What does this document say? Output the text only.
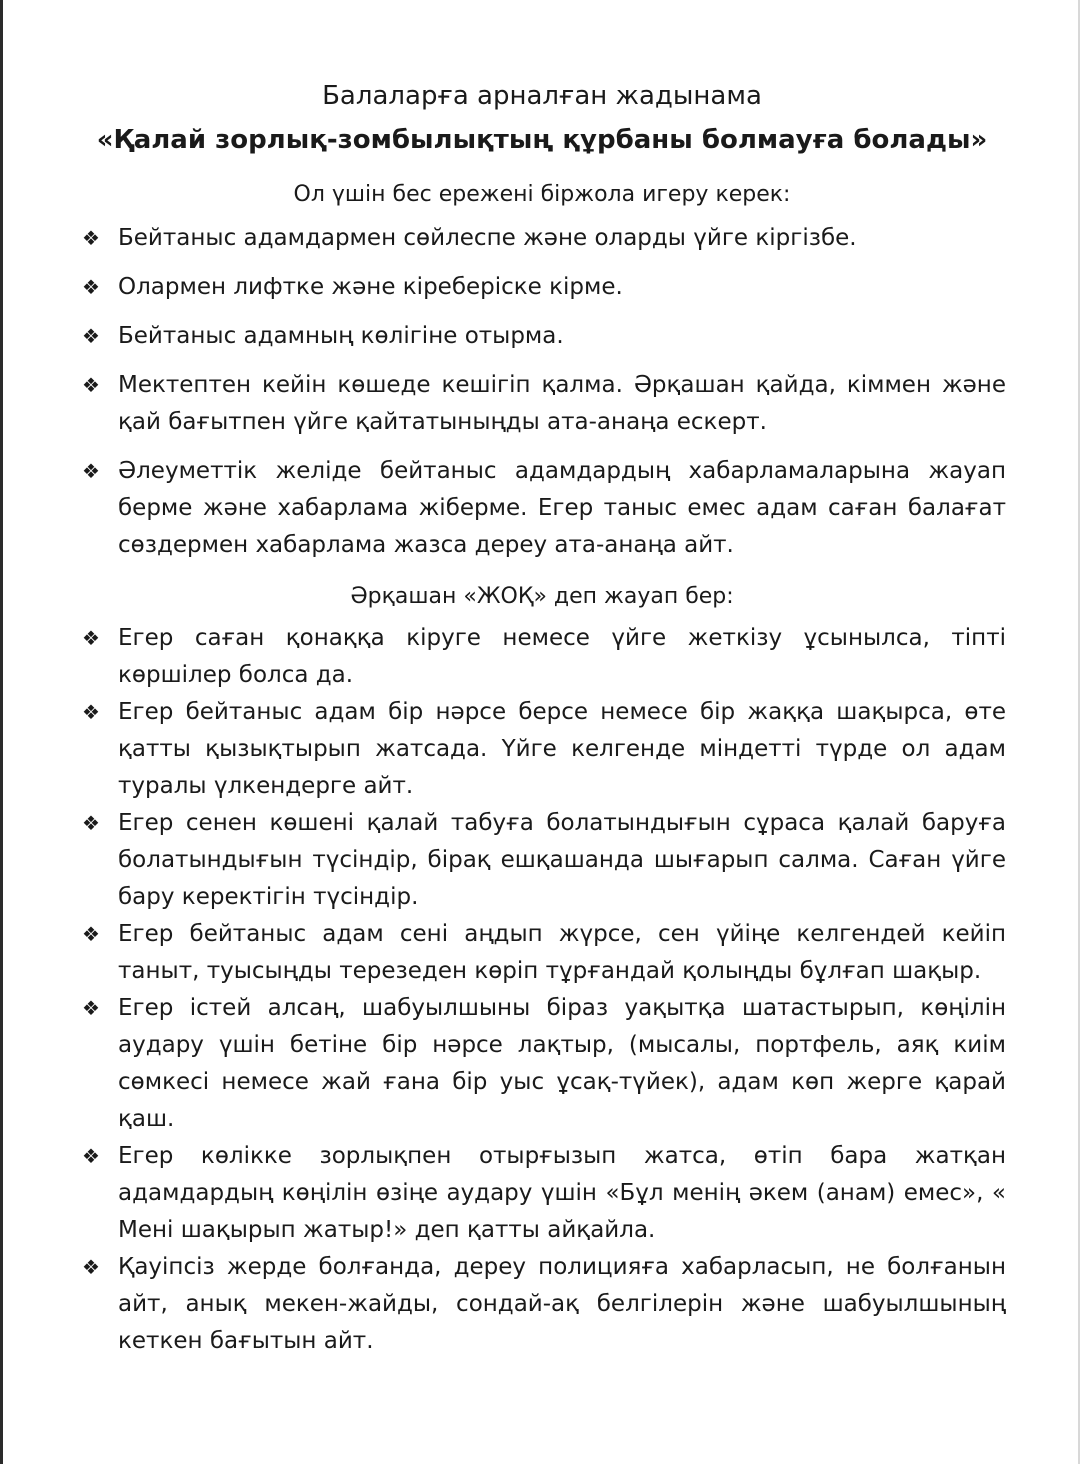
Балаларға арналған жадынама
«Қалай зорлық-зомбылықтың құрбаны болмауға болады»

Ол үшін бес ережені біржола игеру керек:

❖ Бейтаныс адамдармен сөйлеспе және оларды үйге кіргізбе.
❖ Олармен лифтке және кіреберіске кірме.
❖ Бейтаныс адамның көлігіне отырма.
❖ Мектептен кейін көшеде кешігіп қалма. Әрқашан қайда, кіммен және қай бағытпен үйге қайтатыныңды ата-анаңа ескерт.
❖ Әлеуметтік желіде бейтаныс адамдардың хабарламаларына жауап берме және хабарлама жіберме. Егер таныс емес адам саған балағат сөздермен хабарлама жазса дереу ата-анаңа айт.

Әрқашан «ЖОҚ» деп жауап бер:

❖ Егер саған қонаққа кіруге немесе үйге жеткізу ұсынылса, тіпті көршілер болса да.
❖ Егер бейтаныс адам бір нәрсе берсе немесе бір жаққа шақырса, өте қатты қызықтырып жатсада. Үйге келгенде міндетті түрде ол адам туралы үлкендерге айт.
❖ Егер сенен көшені қалай табуға болатындығын сұраса қалай баруға болатындығын түсіндір, бірақ ешқашанда шығарып салма. Саған үйге бару керектігін түсіндір.
❖ Егер бейтаныс адам сені аңдып жүрсе, сен үйіңе келгендей кейіп таныт, туысыңды терезеден көріп тұрғандай қолыңды бұлғап шақыр.
❖ Егер істей алсаң, шабуылшыны біраз уақытқа шатастырып, көңілін аудару үшін бетіне бір нәрсе лақтыр, (мысалы, портфель, аяқ киім сөмкесі немесе жай ғана бір уыс ұсақ-түйек), адам көп жерге қарай қаш.
❖ Егер көлікке зорлықпен отырғызып жатса, өтіп бара жатқан адамдардың көңілін өзіңе аудару үшін «Бұл менің әкем (анам) емес», « Мені шақырып жатыр!» деп қатты айқайла.
❖ Қауіпсіз жерде болғанда, дереу полицияға хабарласып, не болғанын айт, анық мекен-жайды, сондай-ақ белгілерін және шабуылшының кеткен бағытын айт.
